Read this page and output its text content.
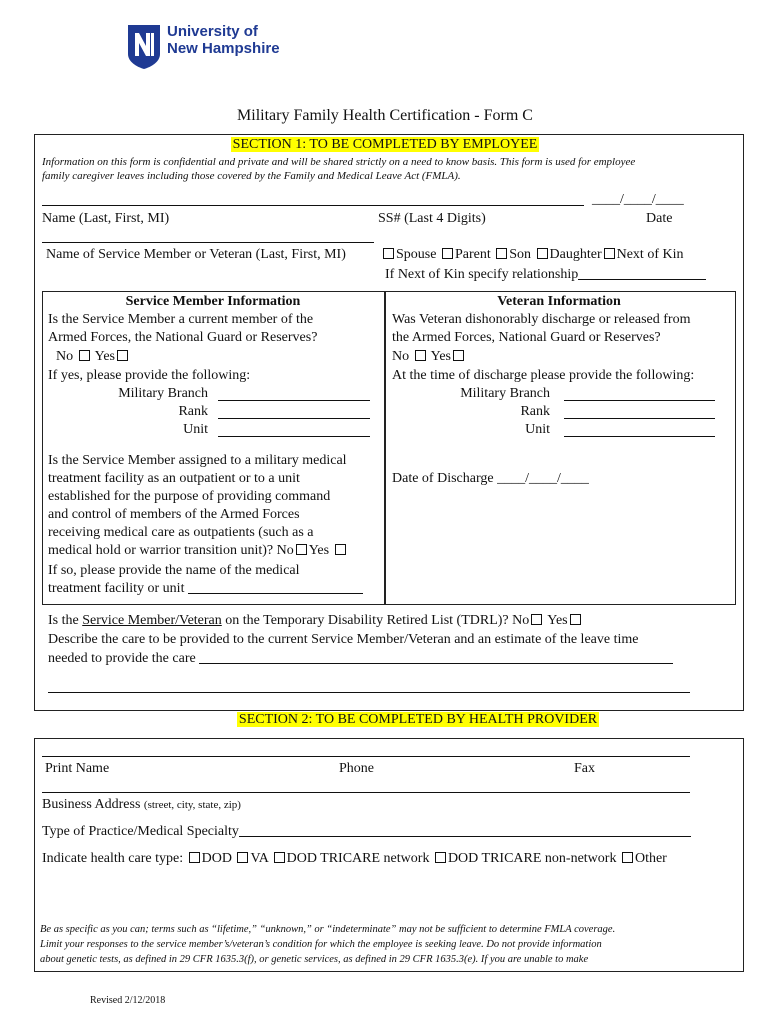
University of
New Hampshire
Military Family Health Certification - Form C
SECTION 1: TO BE COMPLETED BY EMPLOYEE
Information on this form is confidential and private and will be shared strictly on a need to know basis. This form is used for employee
family caregiver leaves including those covered by the Family and Medical Leave Act (FMLA).
____/____/____
Name (Last, First, MI)	SS# (Last 4 Digits)	Date
Name of Service Member or Veteran (Last, First, MI)	Spouse Parent Son Daughter Next of Kin
If Next of Kin specify relationship
Service Member Information
Is the Service Member a current member of the
Armed Forces, the National Guard or Reserves?
No Yes
If yes, please provide the following:
Military Branch
Rank
Unit
Is the Service Member assigned to a military medical
treatment facility as an outpatient or to a unit
established for the purpose of providing command
and control of members of the Armed Forces
receiving medical care as outpatients (such as a
medical hold or warrior transition unit)? No Yes
If so, please provide the name of the medical
treatment facility or unit
Veteran Information
Was Veteran dishonorably discharge or released from
the Armed Forces, National Guard or Reserves?
No Yes
At the time of discharge please provide the following:
Military Branch
Rank
Unit
Date of Discharge ____/____/____
Is the Service Member/Veteran on the Temporary Disability Retired List (TDRL)? No Yes
Describe the care to be provided to the current Service Member/Veteran and an estimate of the leave time
needed to provide the care
SECTION 2: TO BE COMPLETED BY HEALTH PROVIDER
Print Name	Phone	Fax
Business Address (street, city, state, zip)
Type of Practice/Medical Specialty
Indicate health care type: DOD VA DOD TRICARE network DOD TRICARE non-network Other
Be as specific as you can; terms such as “lifetime,” “unknown,” or “indeterminate” may not be sufficient to determine FMLA coverage.
Limit your responses to the service member’s/veteran’s condition for which the employee is seeking leave. Do not provide information
about genetic tests, as defined in 29 CFR 1635.3(f), or genetic services, as defined in 29 CFR 1635.3(e). If you are unable to make
Revised 2/12/2018
